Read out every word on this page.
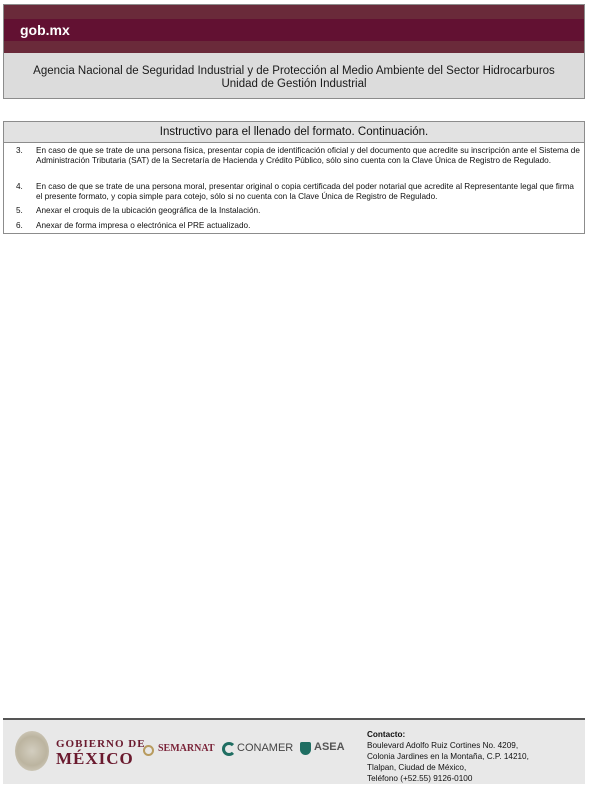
gob.mx
Agencia Nacional de Seguridad Industrial y de Protección al Medio Ambiente del Sector Hidrocarburos
Unidad de Gestión Industrial
Instructivo para el llenado del formato. Continuación.
3. En caso de que se trate de una persona física, presentar copia de identificación oficial y del documento que acredite su inscripción ante el Sistema de Administración Tributaria (SAT) de la Secretaría de Hacienda y Crédito Público, sólo sino cuenta con la Clave Única de Registro de Regulado.
4. En caso de que se trate de una persona moral, presentar original o copia certificada del poder notarial que acredite al Representante legal que firma el presente formato, y copia simple para cotejo, sólo si no cuenta con la Clave Única de Registro de Regulado.
5. Anexar el croquis de la ubicación geográfica de la Instalación.
6. Anexar de forma impresa o electrónica el PRE actualizado.
GOBIERNO DE
MÉXICO
SEMARNAT CONAMER ASEA
Contacto:
Boulevard Adolfo Ruiz Cortines No. 4209,
Colonia Jardines en la Montaña, C.P. 14210,
Tlalpan, Ciudad de México,
Teléfono (+52.55) 9126-0100
